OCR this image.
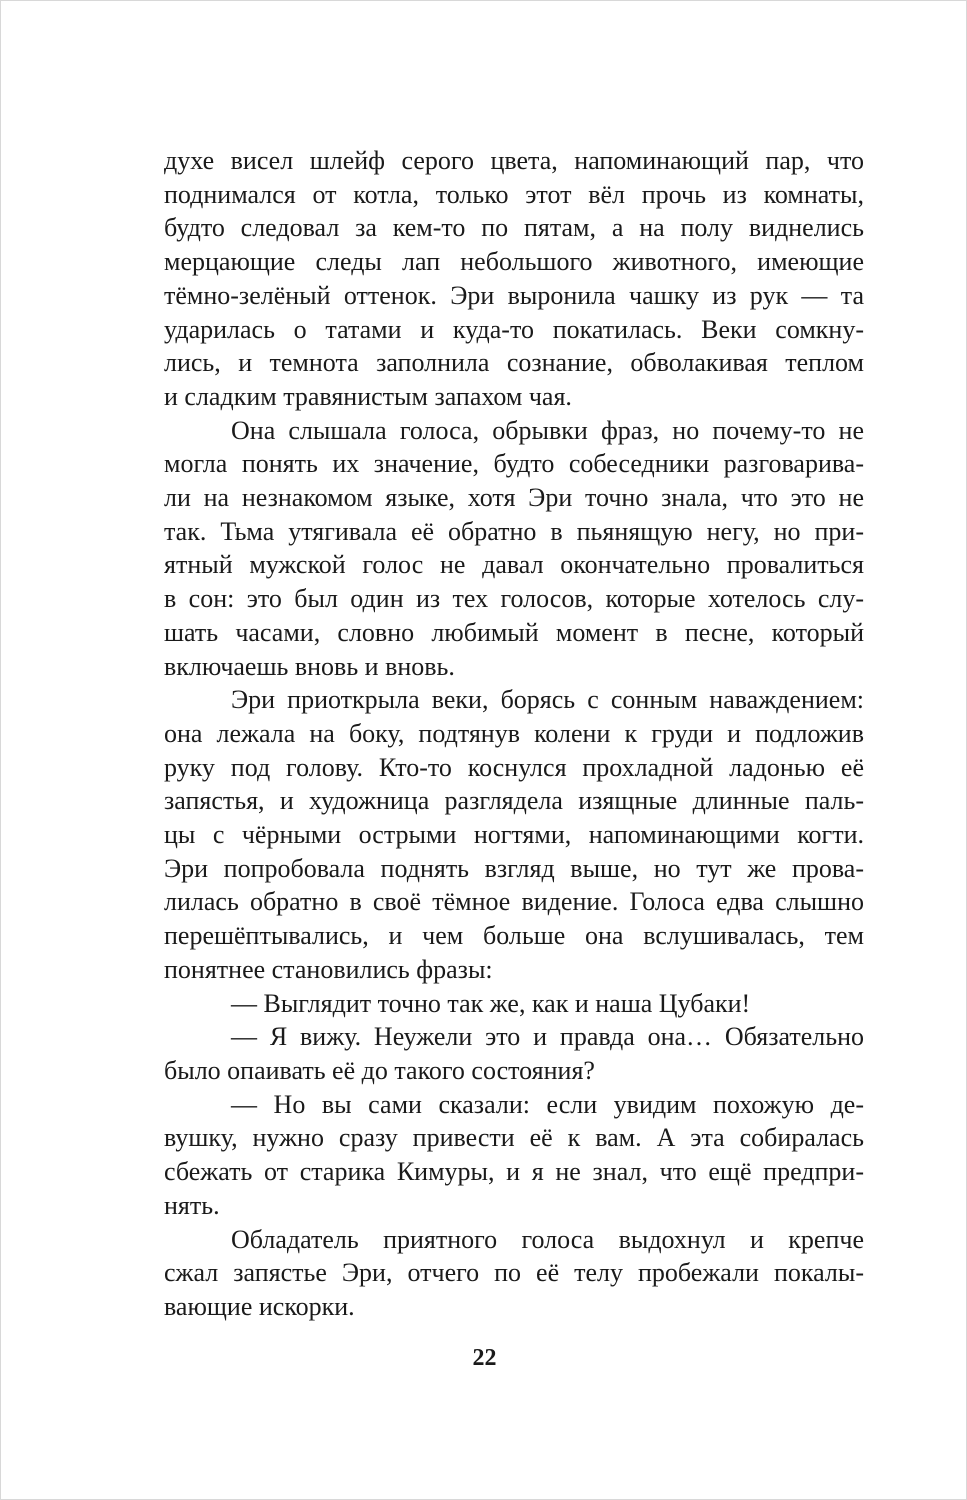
духе висел шлейф серого цвета, напоминающий пар, что
поднимался от котла, только этот вёл прочь из комнаты,
будто следовал за кем-то по пятам, а на полу виднелись
мерцающие следы лап небольшого животного, имеющие
тёмно-зелёный оттенок. Эри выронила чашку из рук — та
ударилась о татами и куда-то покатилась. Веки сомкну-
лись, и темнота заполнила сознание, обволакивая теплом
и сладким травянистым запахом чая.
Она слышала голоса, обрывки фраз, но почему-то не
могла понять их значение, будто собеседники разговарива-
ли на незнакомом языке, хотя Эри точно знала, что это не
так. Тьма утягивала её обратно в пьянящую негу, но при-
ятный мужской голос не давал окончательно провалиться
в сон: это был один из тех голосов, которые хотелось слу-
шать часами, словно любимый момент в песне, который
включаешь вновь и вновь.
Эри приоткрыла веки, борясь с сонным наваждением:
она лежала на боку, подтянув колени к груди и подложив
руку под голову. Кто-то коснулся прохладной ладонью её
запястья, и художница разглядела изящные длинные паль-
цы с чёрными острыми ногтями, напоминающими когти.
Эри попробовала поднять взгляд выше, но тут же прова-
лилась обратно в своё тёмное видение. Голоса едва слышно
перешёптывались, и чем больше она вслушивалась, тем
понятнее становились фразы:
— Выглядит точно так же, как и наша Цубаки!
— Я вижу. Неужели это и правда она… Обязательно
было опаивать её до такого состояния?
— Но вы сами сказали: если увидим похожую де-
вушку, нужно сразу привести её к вам. А эта собиралась
сбежать от старика Кимуры, и я не знал, что ещё предпри-
нять.
Обладатель приятного голоса выдохнул и крепче
сжал запястье Эри, отчего по её телу пробежали покалы-
вающие искорки.
22
